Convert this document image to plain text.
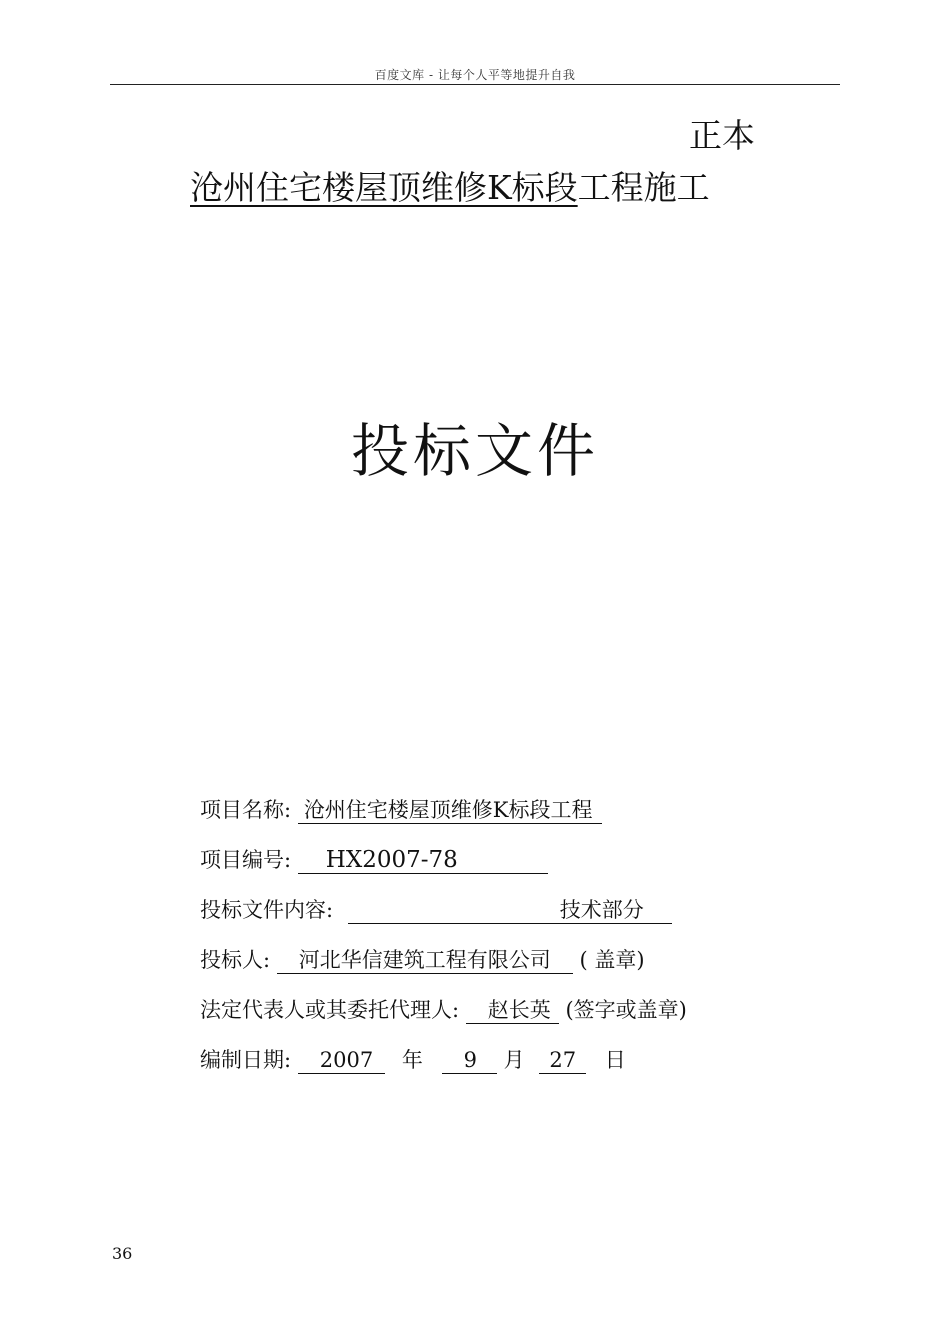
百度文库 - 让每个人平等地提升自我
正本
沧州住宅楼屋顶维修K标段工程施工
投标文件
项目名称: 沧州住宅楼屋顶维修K标段工程
项目编号: HX2007-78
投标文件内容:	技术部分
投标人: 河北华信建筑工程有限公司 ( 盖章)
法定代表人或其委托代理人: 赵长英 (签字或盖章)
编制日期: 2007 年 9 月 27 日
36
